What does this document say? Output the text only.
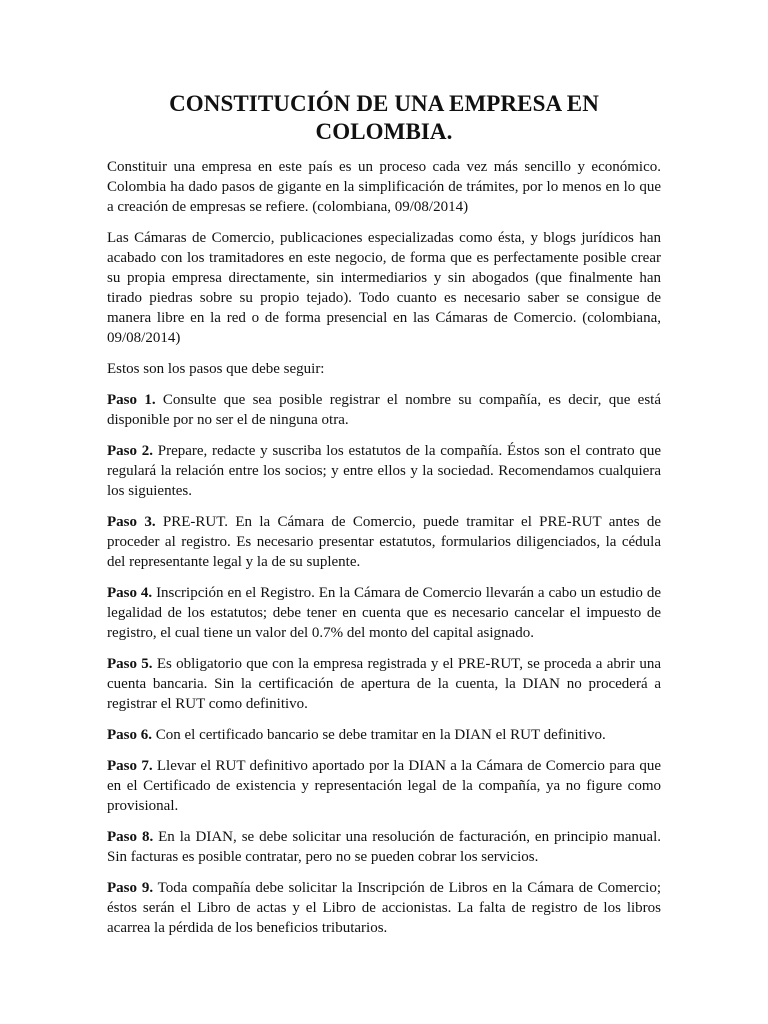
CONSTITUCIÓN DE UNA EMPRESA EN
COLOMBIA.

Constituir una empresa en este país es un proceso cada vez más sencillo y económico. Colombia ha dado pasos de gigante en la simplificación de trámites, por lo menos en lo que a creación de empresas se refiere. (colombiana, 09/08/2014)

Las Cámaras de Comercio, publicaciones especializadas como ésta, y blogs jurídicos han acabado con los tramitadores en este negocio, de forma que es perfectamente posible crear su propia empresa directamente, sin intermediarios y sin abogados (que finalmente han tirado piedras sobre su propio tejado). Todo cuanto es necesario saber se consigue de manera libre en la red o de forma presencial en las Cámaras de Comercio. (colombiana, 09/08/2014)

Estos son los pasos que debe seguir:

Paso 1. Consulte que sea posible registrar el nombre su compañía, es decir, que está disponible por no ser el de ninguna otra.

Paso 2. Prepare, redacte y suscriba los estatutos de la compañía. Éstos son el contrato que regulará la relación entre los socios; y entre ellos y la sociedad. Recomendamos cualquiera los siguientes.

Paso 3. PRE-RUT. En la Cámara de Comercio, puede tramitar el PRE-RUT antes de proceder al registro. Es necesario presentar estatutos, formularios diligenciados, la cédula del representante legal y la de su suplente.

Paso 4. Inscripción en el Registro. En la Cámara de Comercio llevarán a cabo un estudio de legalidad de los estatutos; debe tener en cuenta que es necesario cancelar el impuesto de registro, el cual tiene un valor del 0.7% del monto del capital asignado.

Paso 5. Es obligatorio que con la empresa registrada y el PRE-RUT, se proceda a abrir una cuenta bancaria. Sin la certificación de apertura de la cuenta, la DIAN no procederá a registrar el RUT como definitivo.

Paso 6. Con el certificado bancario se debe tramitar en la DIAN el RUT definitivo.

Paso 7. Llevar el RUT definitivo aportado por la DIAN a la Cámara de Comercio para que en el Certificado de existencia y representación legal de la compañía, ya no figure como provisional.

Paso 8. En la DIAN, se debe solicitar una resolución de facturación, en principio manual. Sin facturas es posible contratar, pero no se pueden cobrar los servicios.

Paso 9. Toda compañía debe solicitar la Inscripción de Libros en la Cámara de Comercio; éstos serán el Libro de actas y el Libro de accionistas. La falta de registro de los libros acarrea la pérdida de los beneficios tributarios.
